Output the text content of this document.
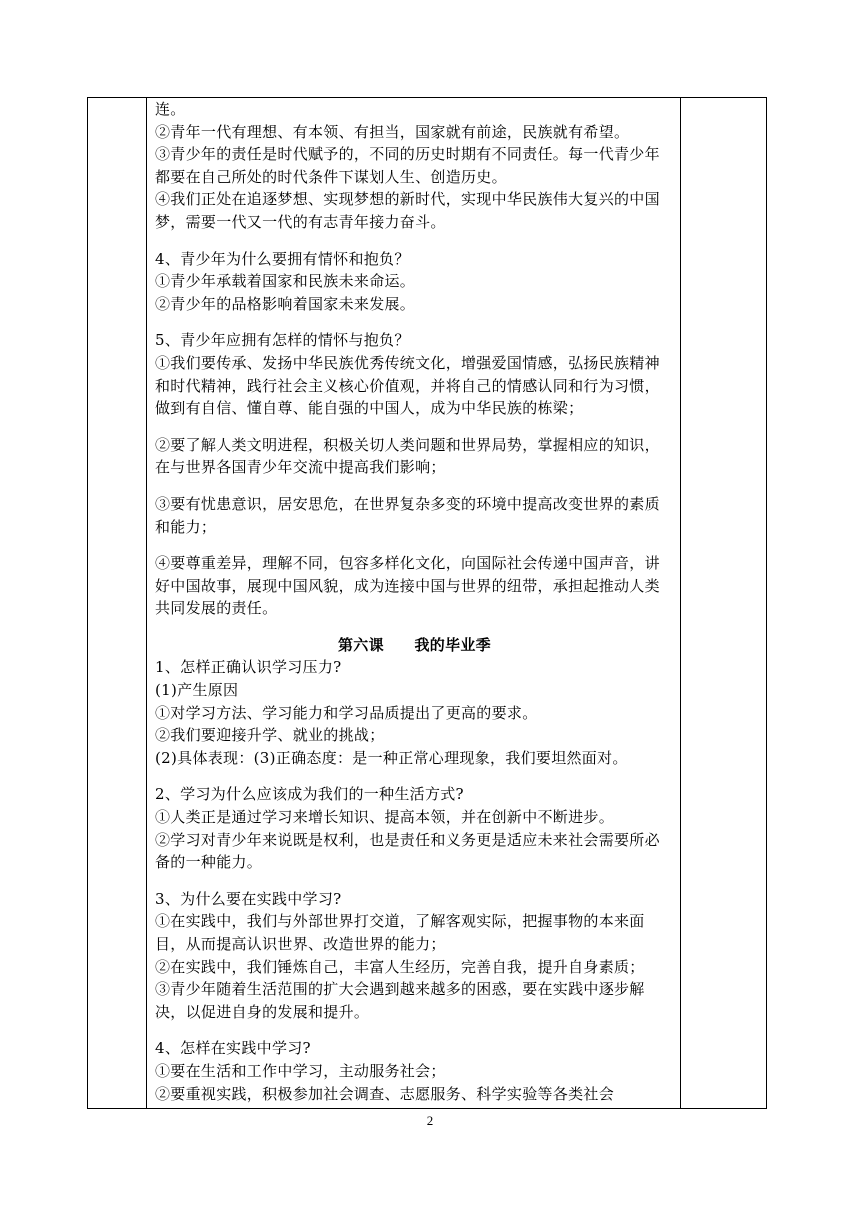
连。

②青年一代有理想、有本领、有担当，国家就有前途，民族就有希望。

③青少年的责任是时代赋予的，不同的历史时期有不同责任。每一代青少年都要在自己所处的时代条件下谋划人生、创造历史。

④我们正处在追逐梦想、实现梦想的新时代，实现中华民族伟大复兴的中国梦，需要一代又一代的有志青年接力奋斗。

4、青少年为什么要拥有情怀和抱负？

①青少年承载着国家和民族未来命运。

②青少年的品格影响着国家未来发展。

5、青少年应拥有怎样的情怀与抱负？

①我们要传承、发扬中华民族优秀传统文化，增强爱国情感，弘扬民族精神和时代精神，践行社会主义核心价值观，并将自己的情感认同和行为习惯，做到有自信、懂自尊、能自强的中国人，成为中华民族的栋梁；

②要了解人类文明进程，积极关切人类问题和世界局势，掌握相应的知识，在与世界各国青少年交流中提高我们影响；

③要有忧患意识，居安思危，在世界复杂多变的环境中提高改变世界的素质和能力；

④要尊重差异，理解不同，包容多样化文化，向国际社会传递中国声音，讲好中国故事，展现中国风貌，成为连接中国与世界的纽带，承担起推动人类共同发展的责任。

第六课　　我的毕业季

1、怎样正确认识学习压力?

(1)产生原因

①对学习方法、学习能力和学习品质提出了更高的要求。

②我们要迎接升学、就业的挑战；

(2)具体表现：(3)正确态度：是一种正常心理现象，我们要坦然面对。

2、学习为什么应该成为我们的一种生活方式?

①人类正是通过学习来增长知识、提高本领，并在创新中不断进步。

②学习对青少年来说既是权利，也是责任和义务更是适应未来社会需要所必备的一种能力。

3、为什么要在实践中学习?

①在实践中，我们与外部世界打交道，了解客观实际，把握事物的本来面目，从而提高认识世界、改造世界的能力；

②在实践中，我们锤炼自己，丰富人生经历，完善自我，提升自身素质；

③青少年随着生活范围的扩大会遇到越来越多的困惑，要在实践中逐步解决，以促进自身的发展和提升。

4、怎样在实践中学习?

①要在生活和工作中学习，主动服务社会；

②要重视实践，积极参加社会调查、志愿服务、科学实验等各类社会

2
